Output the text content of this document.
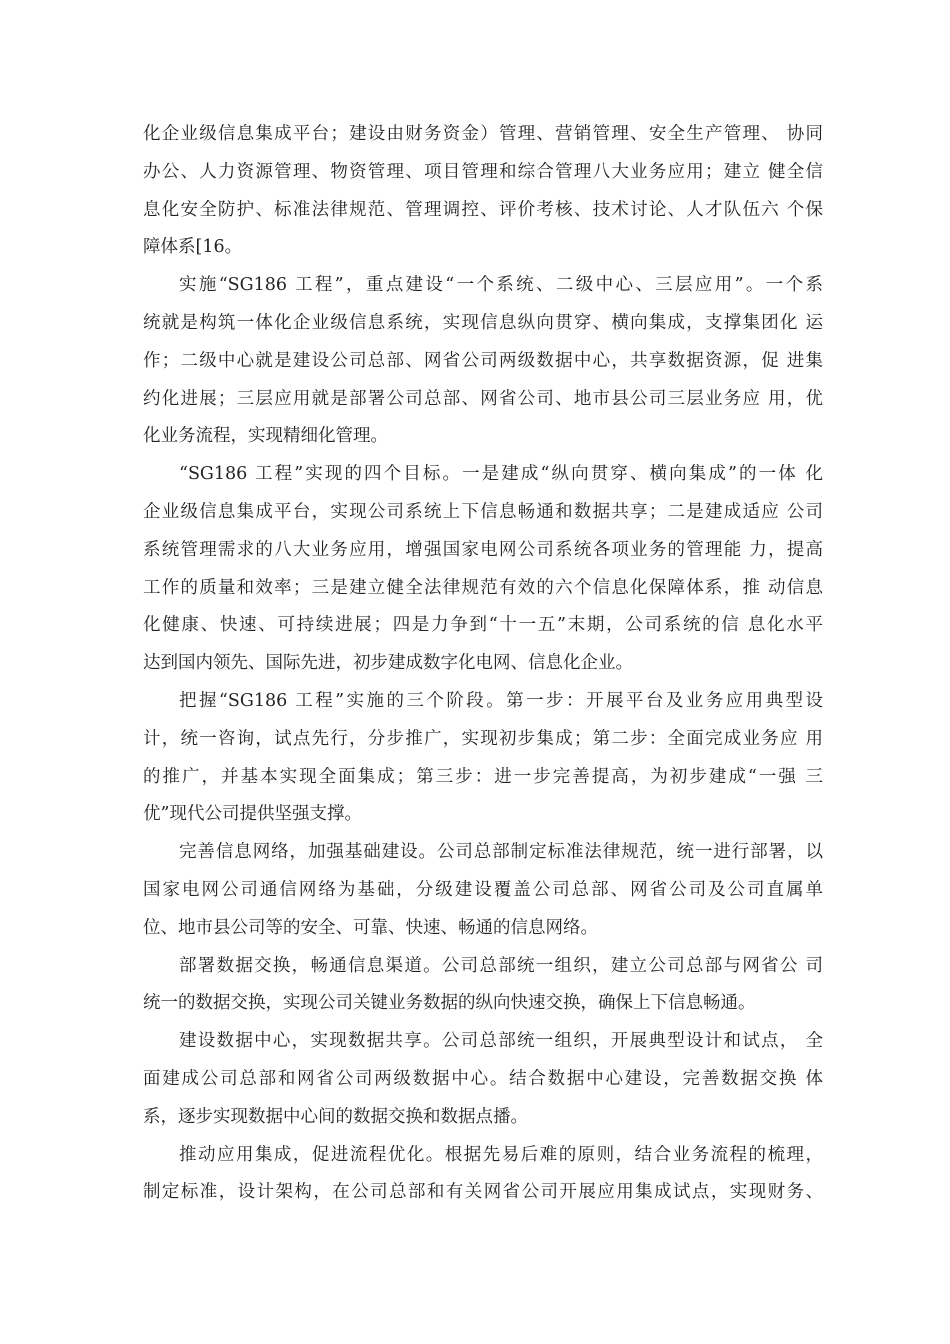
化企业级信息集成平台；建设由财务资金）管理、营销管理、安全生产管理、 协同
办公、人力资源管理、物资管理、项目管理和综合管理八大业务应用；建立 健全信
息化安全防护、标准法律规范、管理调控、评价考核、技术讨论、人才队伍六 个保
障体系[16。
实施“SG186 工程”，重点建设“一个系统、二级中心、三层应用”。一个系
统就是构筑一体化企业级信息系统，实现信息纵向贯穿、横向集成，支撑集团化 运
作；二级中心就是建设公司总部、网省公司两级数据中心，共享数据资源，促 进集
约化进展；三层应用就是部署公司总部、网省公司、地市县公司三层业务应 用，优
化业务流程，实现精细化管理。
“SG186 工程”实现的四个目标。一是建成“纵向贯穿、横向集成”的一体 化
企业级信息集成平台，实现公司系统上下信息畅通和数据共享；二是建成适应 公司
系统管理需求的八大业务应用，增强国家电网公司系统各项业务的管理能 力，提高
工作的质量和效率；三是建立健全法律规范有效的六个信息化保障体系，推 动信息
化健康、快速、可持续进展；四是力争到“十一五”末期，公司系统的信 息化水平
达到国内领先、国际先进，初步建成数字化电网、信息化企业。
把握“SG186 工程”实施的三个阶段。第一步：开展平台及业务应用典型设
计，统一咨询，试点先行，分步推广，实现初步集成；第二步：全面完成业务应 用
的推广，并基本实现全面集成；第三步：进一步完善提高，为初步建成“一强 三
优”现代公司提供坚强支撑。
完善信息网络，加强基础建设。公司总部制定标准法律规范，统一进行部署，以
国家电网公司通信网络为基础，分级建设覆盖公司总部、网省公司及公司直属单
位、地市县公司等的安全、可靠、快速、畅通的信息网络。
部署数据交换，畅通信息渠道。公司总部统一组织，建立公司总部与网省公 司
统一的数据交换，实现公司关键业务数据的纵向快速交换，确保上下信息畅通。
建设数据中心，实现数据共享。公司总部统一组织，开展典型设计和试点， 全
面建成公司总部和网省公司两级数据中心。结合数据中心建设，完善数据交换 体
系，逐步实现数据中心间的数据交换和数据点播。
推动应用集成，促进流程优化。根据先易后难的原则，结合业务流程的梳理，
制定标准，设计架构，在公司总部和有关网省公司开展应用集成试点，实现财务、
